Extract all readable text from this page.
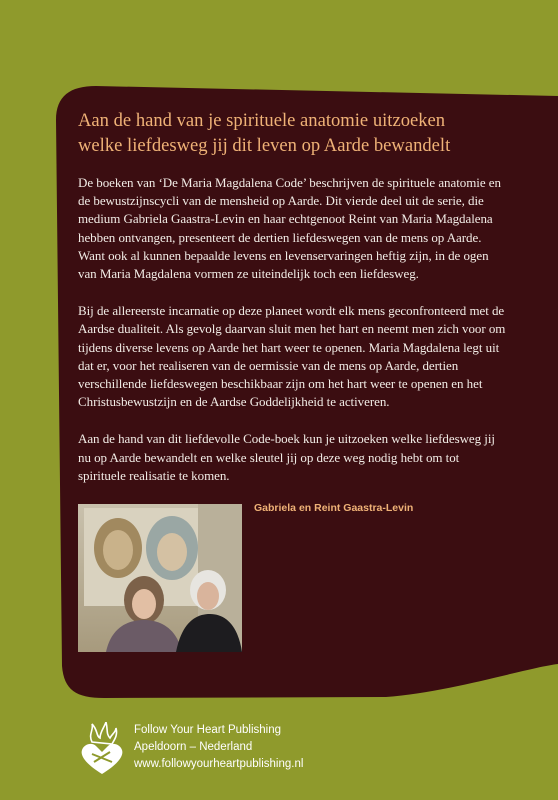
Aan de hand van je spirituele anatomie uitzoeken
welke liefdesweg jij dit leven op Aarde bewandelt

De boeken van ‘De Maria Magdalena Code’ beschrijven de spirituele anatomie en de bewustzijnscycli van de mensheid op Aarde. Dit vierde deel uit de serie, die medium Gabriela Gaastra-Levin en haar echtgenoot Reint van Maria Magdalena hebben ontvangen, presenteert de dertien liefdeswegen van de mens op Aarde. Want ook al kunnen bepaalde levens en levenservaringen heftig zijn, in de ogen van Maria Magdalena vormen ze uiteindelijk toch een liefdesweg.

Bij de allereerste incarnatie op deze planeet wordt elk mens geconfronteerd met de Aardse dualiteit. Als gevolg daarvan sluit men het hart en neemt men zich voor om tijdens diverse levens op Aarde het hart weer te openen. Maria Magdalena legt uit dat er, voor het realiseren van de oermissie van de mens op Aarde, dertien verschillende liefdeswegen beschikbaar zijn om het hart weer te openen en het Christusbewustzijn en de Aardse Goddelijkheid te activeren.

Aan de hand van dit liefdevolle Code-boek kun je uitzoeken welke liefdesweg jij nu op Aarde bewandelt en welke sleutel jij op deze weg nodig hebt om tot spirituele realisatie te komen.

Gabriela en Reint Gaastra-Levin
Follow Your Heart Publishing
Apeldoorn – Nederland
www.followyourheartpublishing.nl
